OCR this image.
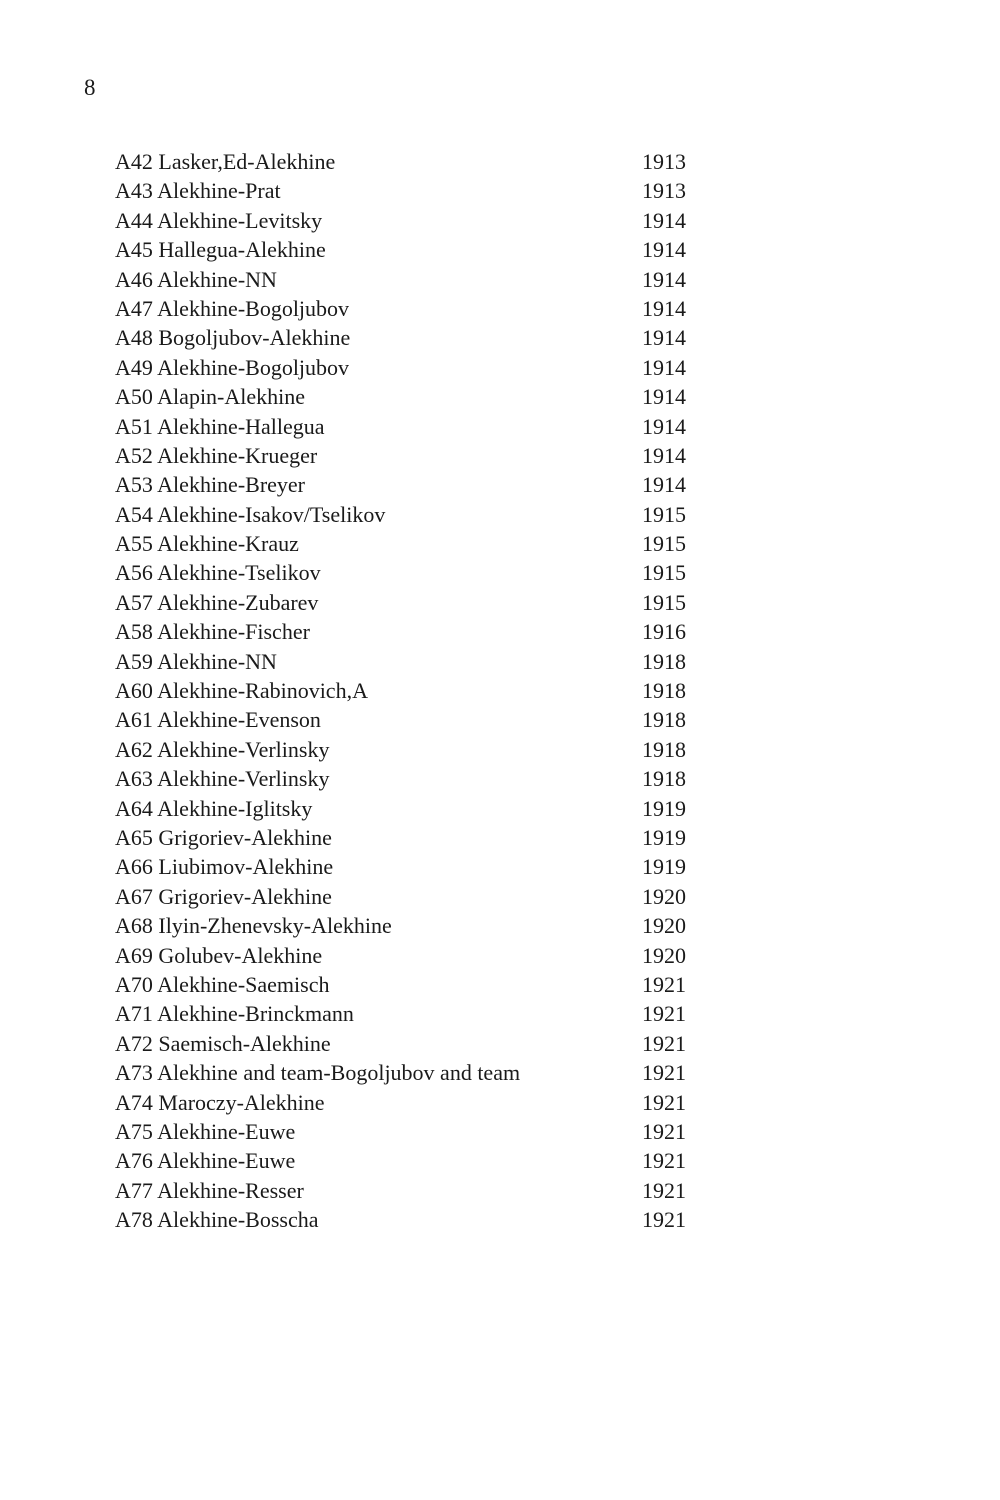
8
A42 Lasker,Ed-Alekhine	1913
A43 Alekhine-Prat	1913
A44 Alekhine-Levitsky	1914
A45 Hallegua-Alekhine	1914
A46 Alekhine-NN	1914
A47 Alekhine-Bogoljubov	1914
A48 Bogoljubov-Alekhine	1914
A49 Alekhine-Bogoljubov	1914
A50 Alapin-Alekhine	1914
A51 Alekhine-Hallegua	1914
A52 Alekhine-Krueger	1914
A53 Alekhine-Breyer	1914
A54 Alekhine-Isakov/Tselikov	1915
A55 Alekhine-Krauz	1915
A56 Alekhine-Tselikov	1915
A57 Alekhine-Zubarev	1915
A58 Alekhine-Fischer	1916
A59 Alekhine-NN	1918
A60 Alekhine-Rabinovich,A	1918
A61 Alekhine-Evenson	1918
A62 Alekhine-Verlinsky	1918
A63 Alekhine-Verlinsky	1918
A64 Alekhine-Iglitsky	1919
A65 Grigoriev-Alekhine	1919
A66 Liubimov-Alekhine	1919
A67 Grigoriev-Alekhine	1920
A68 Ilyin-Zhenevsky-Alekhine	1920
A69 Golubev-Alekhine	1920
A70 Alekhine-Saemisch	1921
A71 Alekhine-Brinckmann	1921
A72 Saemisch-Alekhine	1921
A73 Alekhine and team-Bogoljubov and team	1921
A74 Maroczy-Alekhine	1921
A75 Alekhine-Euwe	1921
A76 Alekhine-Euwe	1921
A77 Alekhine-Resser	1921
A78 Alekhine-Bosscha	1921
